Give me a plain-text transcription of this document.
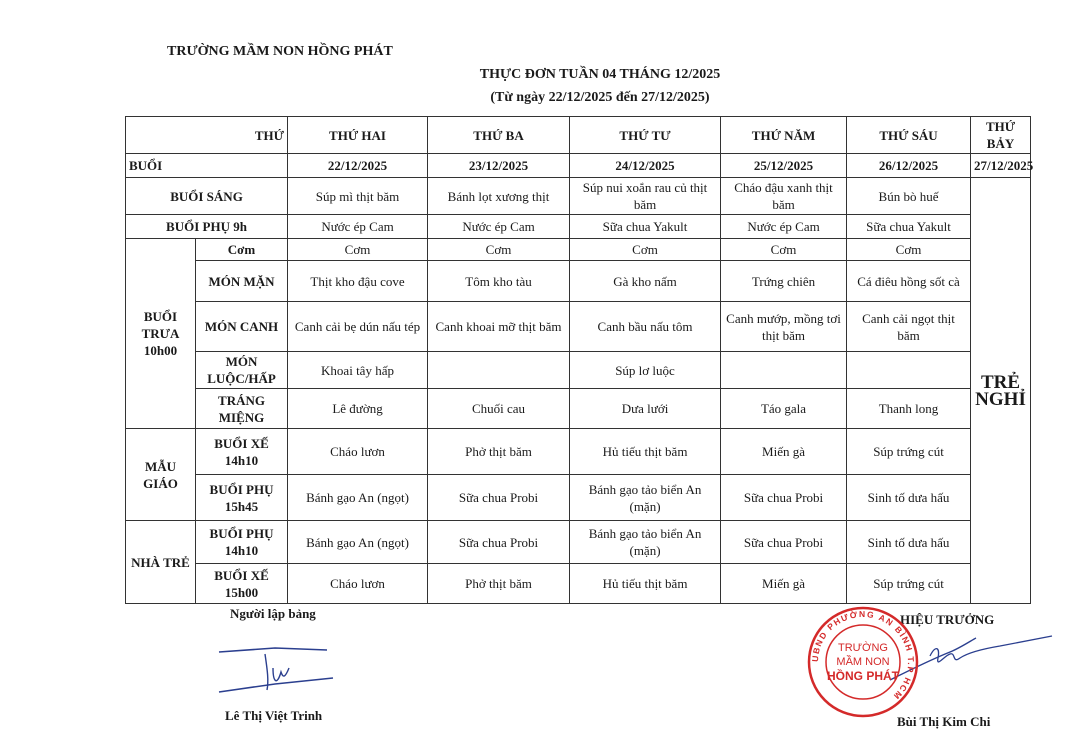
TRƯỜNG MẦM NON HỒNG PHÁT
THỰC ĐƠN TUẦN 04 THÁNG 12/2025
(Từ ngày 22/12/2025 đến 27/12/2025)
THỨ		THỨ HAI	THỨ BA	THỨ TƯ	THỨ NĂM	THỨ SÁU	THỨ BẢY
BUỔI		22/12/2025	23/12/2025	24/12/2025	25/12/2025	26/12/2025	27/12/2025
BUỔI SÁNG		Súp mì thịt băm	Bánh lọt xương thịt	Súp nui xoắn rau củ thịt băm	Cháo đậu xanh thịt băm	Bún bò huế	TRẺ NGHỈ
BUỔI PHỤ 9h		Nước ép Cam	Nước ép Cam	Sữa chua Yakult	Nước ép Cam	Sữa chua Yakult	
BUỔI TRƯA 10h00	Cơm	Cơm	Cơm	Cơm	Cơm	Cơm	
	MÓN MẶN	Thịt kho đậu cove	Tôm kho tàu	Gà kho nấm	Trứng chiên	Cá điêu hồng sốt cà	
	MÓN CANH	Canh cải bẹ dún nấu tép	Canh khoai mỡ thịt băm	Canh bầu nấu tôm	Canh mướp, mồng tơi thịt băm	Canh cải ngọt thịt băm	
	MÓN LUỘC/HẤP	Khoai tây hấp		Súp lơ luộc			
	TRÁNG MIỆNG	Lê đường	Chuối cau	Dưa lưới	Táo gala	Thanh long	
MẪU GIÁO	BUỔI XẾ 14h10	Cháo lươn	Phở thịt băm	Hủ tiếu thịt băm	Miến gà	Súp trứng cút	
	BUỔI PHỤ 15h45	Bánh gạo An (ngọt)	Sữa chua Probi	Bánh gạo tảo biển An (mặn)	Sữa chua Probi	Sinh tố dưa hấu	
NHÀ TRẺ	BUỔI PHỤ 14h10	Bánh gạo An (ngọt)	Sữa chua Probi	Bánh gạo tảo biển An (mặn)	Sữa chua Probi	Sinh tố dưa hấu	
	BUỔI XẾ 15h00	Cháo lươn	Phở thịt băm	Hủ tiếu thịt băm	Miến gà	Súp trứng cút	
Người lập bảng
Lê Thị Việt Trinh
HIỆU TRƯỞNG
UBND PHƯỜNG AN BÌNH T.P HCM
TRƯỜNG
MẦM NON
HỒNG PHÁT
Bùi Thị Kim Chi
